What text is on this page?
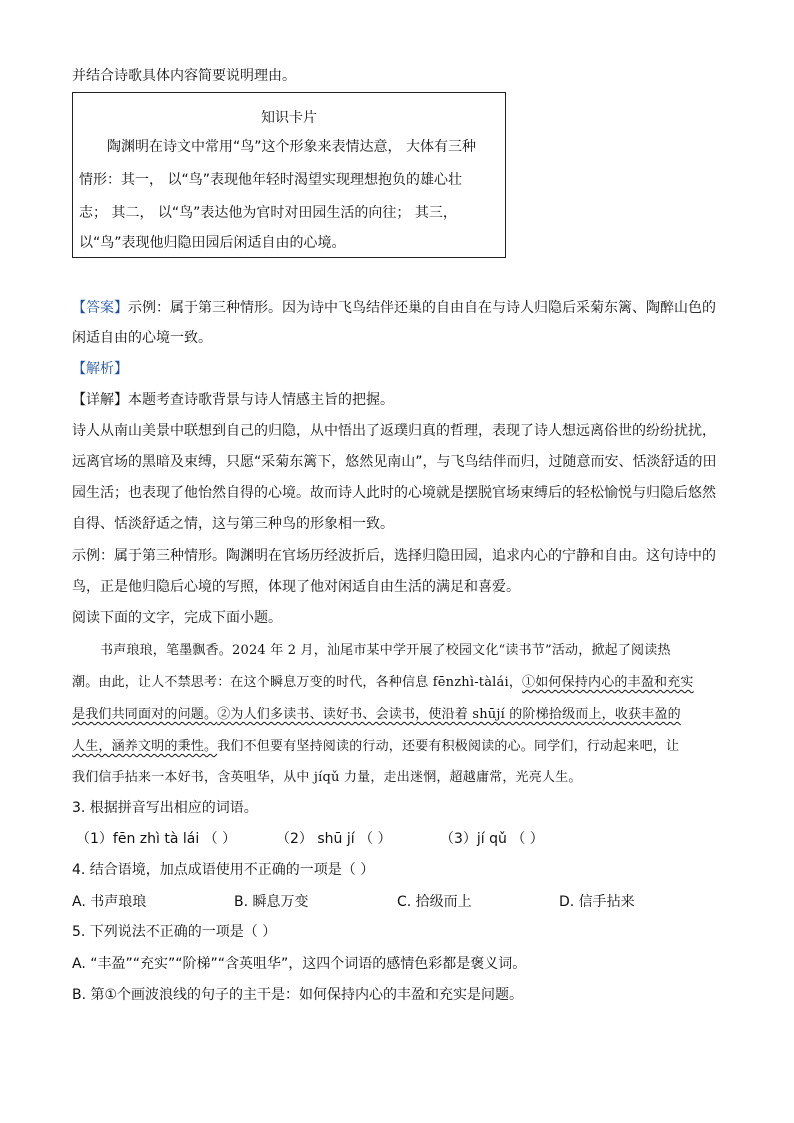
并结合诗歌具体内容简要说明理由。
知识卡片
陶渊明在诗文中常用“鸟”这个形象来表情达意， 大体有三种
情形：其一， 以“鸟”表现他年轻时渴望实现理想抱负的雄心壮
志； 其二， 以“鸟”表达他为官时对田园生活的向往； 其三，
以“鸟”表现他归隐田园后闲适自由的心境。
【答案】示例：属于第三种情形。因为诗中飞鸟结伴还巢的自由自在与诗人归隐后采菊东篱、陶醉山色的
闲适自由的心境一致。
【解析】
【详解】本题考查诗歌背景与诗人情感主旨的把握。
诗人从南山美景中联想到自己的归隐，从中悟出了返璞归真的哲理，表现了诗人想远离俗世的纷纷扰扰，
远离官场的黑暗及束缚，只愿“采菊东篱下，悠然见南山”，与飞鸟结伴而归，过随意而安、恬淡舒适的田
园生活；也表现了他怡然自得的心境。故而诗人此时的心境就是摆脱官场束缚后的轻松愉悦与归隐后悠然
自得、恬淡舒适之情，这与第三种鸟的形象相一致。
示例：属于第三种情形。陶渊明在官场历经波折后，选择归隐田园，追求内心的宁静和自由。这句诗中的
鸟，正是他归隐后心境的写照，体现了他对闲适自由生活的满足和喜爱。
阅读下面的文字，完成下面小题。
书声琅琅，笔墨飘香。2024 年 2 月，汕尾市某中学开展了校园文化“读书节”活动，掀起了阅读热
潮。由此，让人不禁思考：在这个瞬息万变的时代，各种信息 fēnzhì-tàlái，①如何保持内心的丰盈和充实
是我们共同面对的问题。②为人们多读书、读好书、会读书，使沿着 shūjí 的阶梯拾级而上，收获丰盈的
人生，涵养文明的秉性。我们不但要有坚持阅读的行动，还要有积极阅读的心。同学们，行动起来吧，让
我们信手拈来一本好书，含英咀华，从中 jíqǔ 力量，走出迷惘，超越庸常，光亮人生。
3. 根据拼音写出相应的词语。
（1）fēn zhì tà lái （ ）	（2） shū jí （ ）	（3）jí qǔ （ ）
4. 结合语境，加点成语使用不正确的一项是（ ）
A. 书声琅琅	B. 瞬息万变	C. 拾级而上	D. 信手拈来
5. 下列说法不正确的一项是（ ）
A. “丰盈”“充实”“阶梯”“含英咀华”，这四个词语的感情色彩都是褒义词。
B. 第①个画波浪线的句子的主干是：如何保持内心的丰盈和充实是问题。
